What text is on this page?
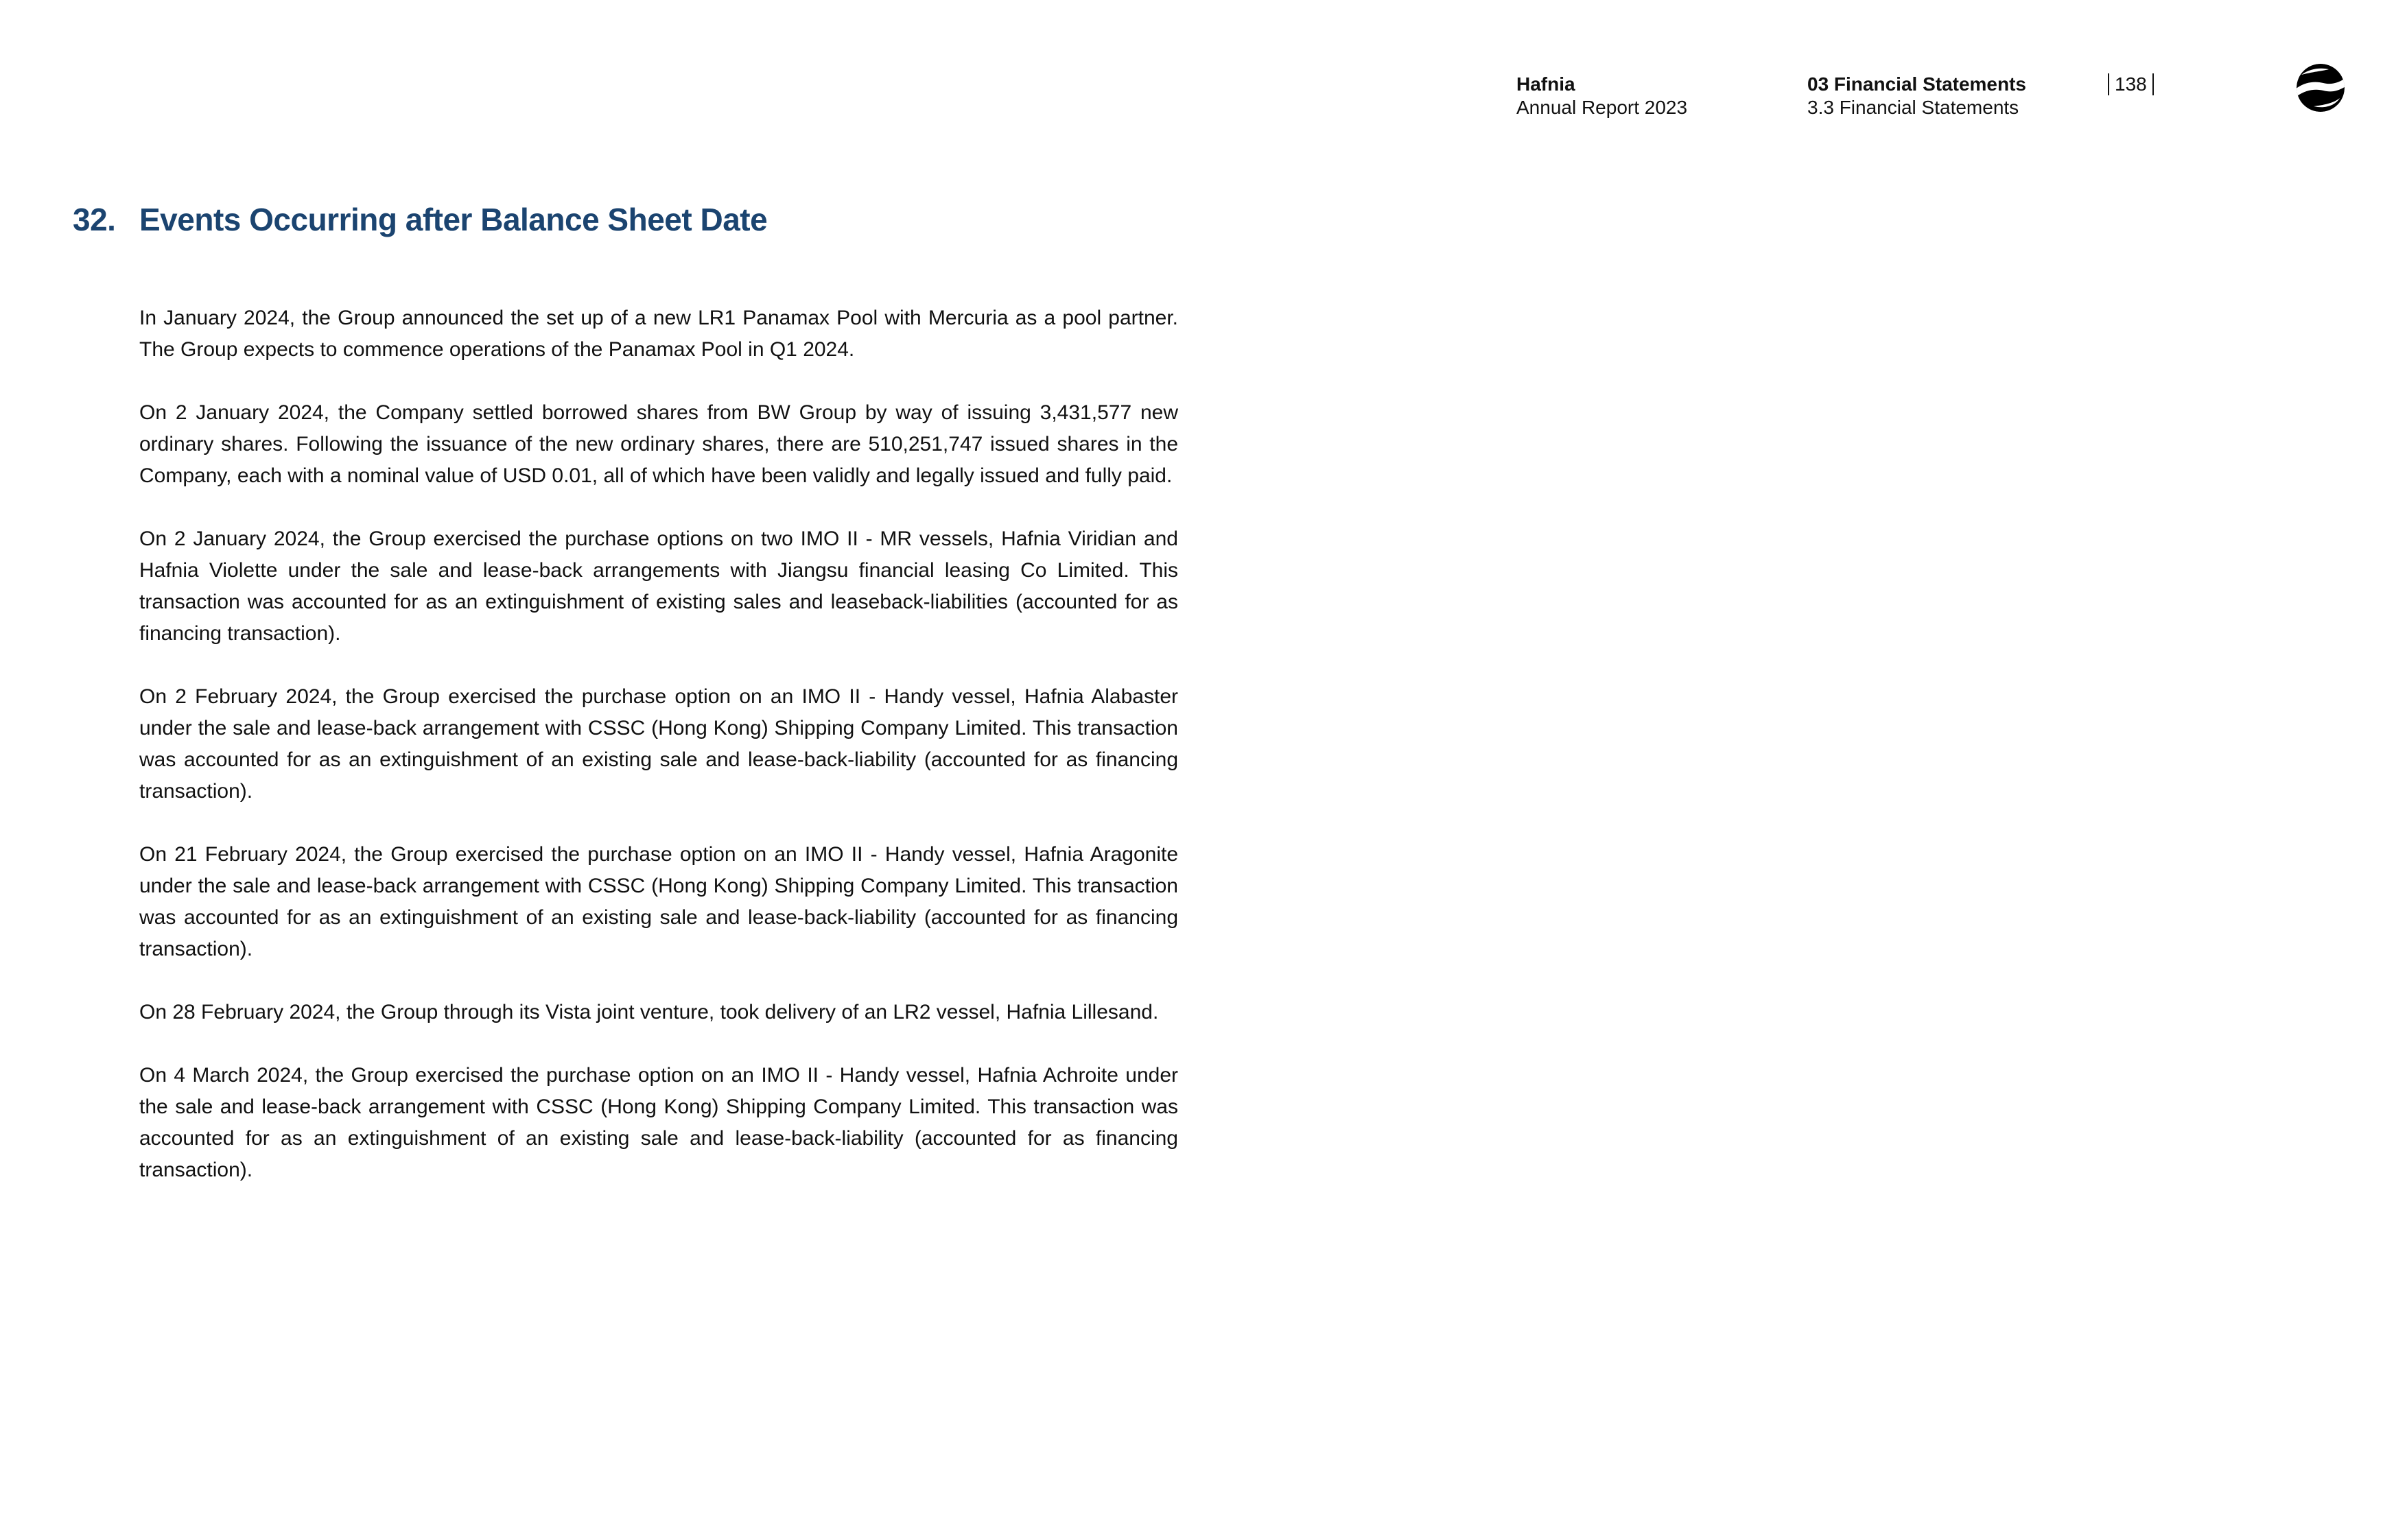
Hafnia
Annual Report 2023
03 Financial Statements
3.3 Financial Statements
138
32. Events Occurring after Balance Sheet Date

In January 2024, the Group announced the set up of a new LR1 Panamax Pool with Mercuria as a pool partner. The Group expects to commence operations of the Panamax Pool in Q1 2024.

On 2 January 2024, the Company settled borrowed shares from BW Group by way of issuing 3,431,577 new ordinary shares. Following the issuance of the new ordinary shares, there are 510,251,747 issued shares in the Company, each with a nominal value of USD 0.01, all of which have been validly and legally issued and fully paid.

On 2 January 2024, the Group exercised the purchase options on two IMO II - MR vessels, Hafnia Viridian and Hafnia Violette under the sale and lease-back arrangements with Jiangsu financial leasing Co Limited. This transaction was accounted for as an extinguishment of existing sales and leaseback-liabilities (accounted for as financing transaction).

On 2 February 2024, the Group exercised the purchase option on an IMO II - Handy vessel, Hafnia Alabaster under the sale and lease-back arrangement with CSSC (Hong Kong) Shipping Company Limited. This transaction was accounted for as an extinguishment of an existing sale and lease-back-liability (accounted for as financing transaction).

On 21 February 2024, the Group exercised the purchase option on an IMO II - Handy vessel, Hafnia Aragonite under the sale and lease-back arrangement with CSSC (Hong Kong) Shipping Company Limited. This transaction was accounted for as an extinguishment of an existing sale and lease-back-liability (accounted for as financing transaction).

On 28 February 2024, the Group through its Vista joint venture, took delivery of an LR2 vessel, Hafnia Lillesand.

On 4 March 2024, the Group exercised the purchase option on an IMO II - Handy vessel, Hafnia Achroite under the sale and lease-back arrangement with CSSC (Hong Kong) Shipping Company Limited. This transaction was accounted for as an extinguishment of an existing sale and lease-back-liability (accounted for as financing transaction).
